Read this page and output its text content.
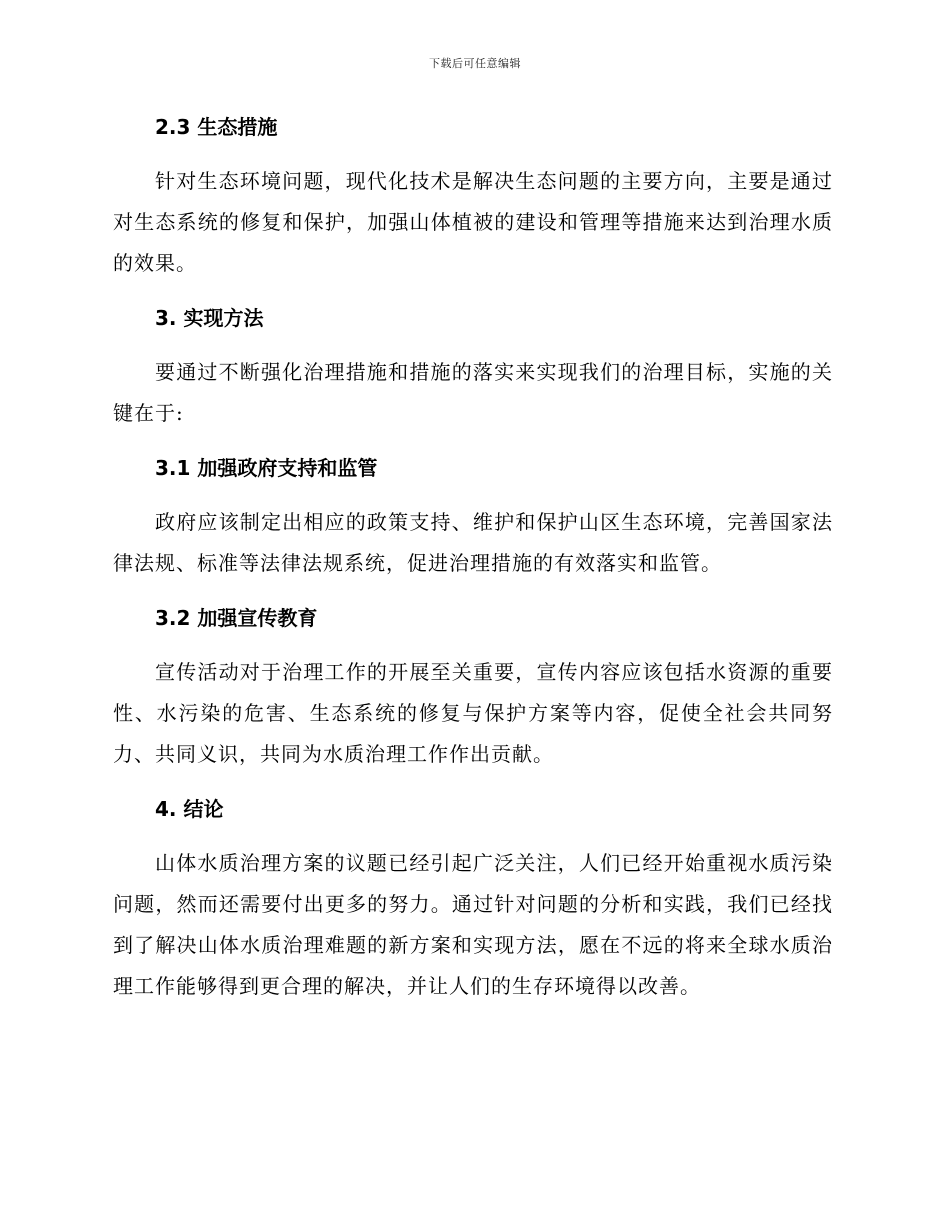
下载后可任意编辑
2.3 生态措施

针对生态环境问题，现代化技术是解决生态问题的主要方向，主要是通过对生态系统的修复和保护，加强山体植被的建设和管理等措施来达到治理水质的效果。

3. 实现方法

要通过不断强化治理措施和措施的落实来实现我们的治理目标，实施的关键在于:

3.1 加强政府支持和监管

政府应该制定出相应的政策支持、维护和保护山区生态环境，完善国家法律法规、标准等法律法规系统，促进治理措施的有效落实和监管。

3.2 加强宣传教育

宣传活动对于治理工作的开展至关重要，宣传内容应该包括水资源的重要性、水污染的危害、生态系统的修复与保护方案等内容，促使全社会共同努力、共同义识，共同为水质治理工作作出贡献。

4. 结论

山体水质治理方案的议题已经引起广泛关注，人们已经开始重视水质污染问题，然而还需要付出更多的努力。通过针对问题的分析和实践，我们已经找到了解决山体水质治理难题的新方案和实现方法，愿在不远的将来全球水质治理工作能够得到更合理的解决，并让人们的生存环境得以改善。
